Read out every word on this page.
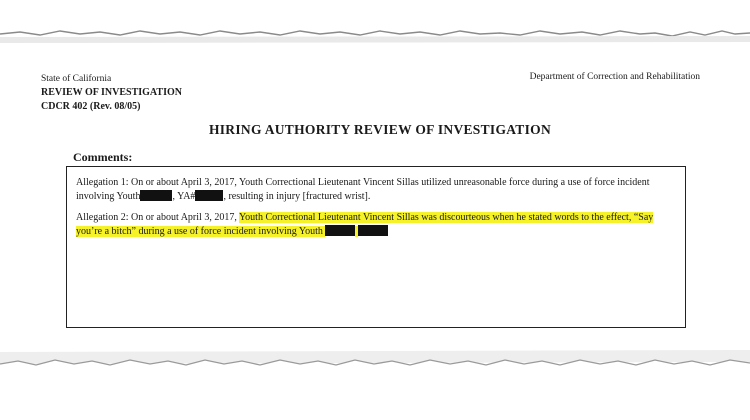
State of California
REVIEW OF INVESTIGATION
CDCR 402 (Rev. 08/05)
Department of Correction and Rehabilitation
HIRING AUTHORITY REVIEW OF INVESTIGATION
Comments:
Allegation 1: On or about April 3, 2017, Youth Correctional Lieutenant Vincent Sillas utilized unreasonable force during a use of force incident involving Youth	, YA#	, resulting in injury [fractured wrist].
Allegation 2: On or about April 3, 2017, Youth Correctional Lieutenant Vincent Sillas was discourteous when he stated words to the effect, “Say you’re a bitch” during a use of force incident involving Youth
